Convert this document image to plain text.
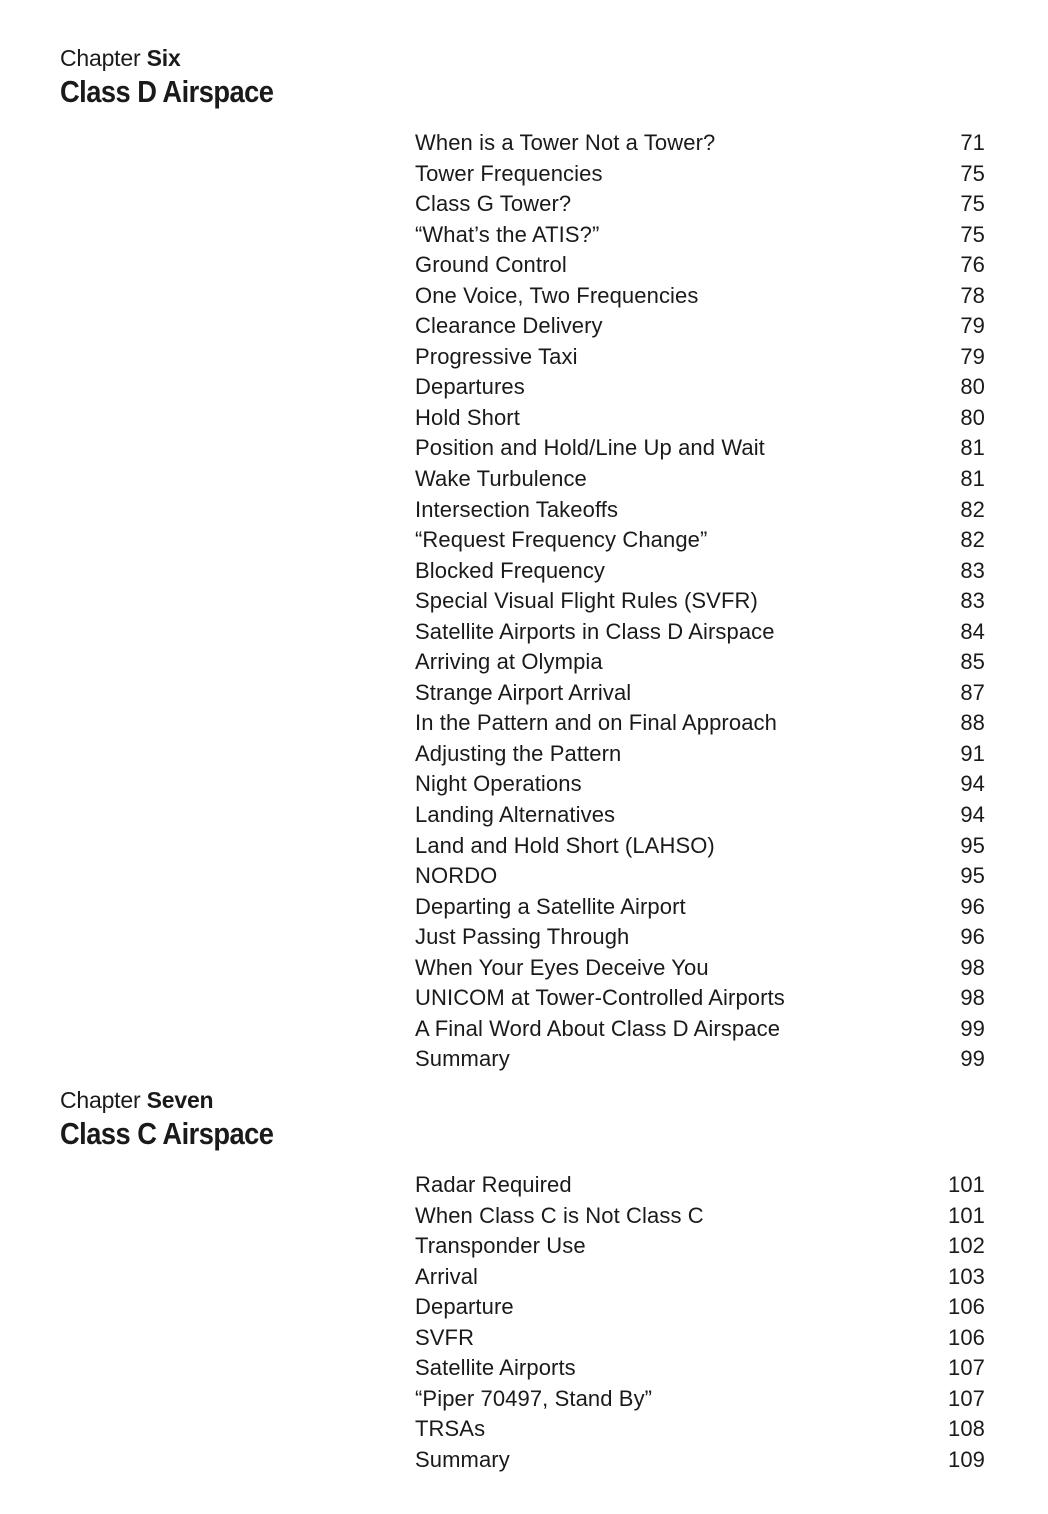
Chapter Six
Class D Airspace
When is a Tower Not a Tower?	71
Tower Frequencies	75
Class G Tower?	75
“What’s the ATIS?”	75
Ground Control	76
One Voice, Two Frequencies	78
Clearance Delivery	79
Progressive Taxi	79
Departures	80
Hold Short	80
Position and Hold/Line Up and Wait	81
Wake Turbulence	81
Intersection Takeoffs	82
“Request Frequency Change”	82
Blocked Frequency	83
Special Visual Flight Rules (SVFR)	83
Satellite Airports in Class D Airspace	84
Arriving at Olympia	85
Strange Airport Arrival	87
In the Pattern and on Final Approach	88
Adjusting the Pattern	91
Night Operations	94
Landing Alternatives	94
Land and Hold Short (LAHSO)	95
NORDO	95
Departing a Satellite Airport	96
Just Passing Through	96
When Your Eyes Deceive You	98
UNICOM at Tower-Controlled Airports	98
A Final Word About Class D Airspace	99
Summary	99
Chapter Seven
Class C Airspace
Radar Required	101
When Class C is Not Class C	101
Transponder Use	102
Arrival	103
Departure	106
SVFR	106
Satellite Airports	107
“Piper 70497, Stand By”	107
TRSAs	108
Summary	109
